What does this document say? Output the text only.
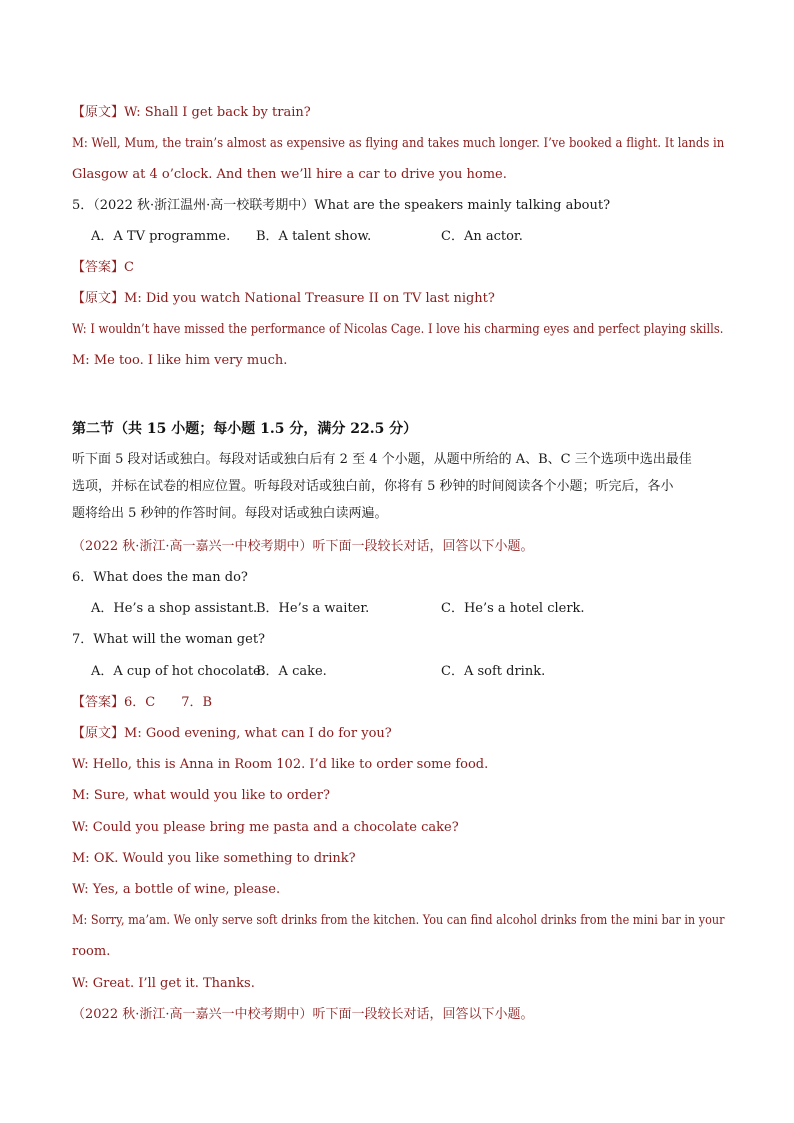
【原文】W: Shall I get back by train?
M: Well, Mum, the train’s almost as expensive as flying and takes much longer. I’ve booked a flight. It lands in
Glasgow at 4 o’clock. And then we’ll hire a car to drive you home.
5．（2022 秋·浙江温州·高一校联考期中）What are the speakers mainly talking about?
A．A TV programme. B．A talent show.	C．An actor.
【答案】C
【原文】M: Did you watch National Treasure II on TV last night?
W: I wouldn’t have missed the performance of Nicolas Cage. I love his charming eyes and perfect playing skills.
M: Me too. I like him very much.
第二节（共 15 小题；每小题 1.5 分，满分 22.5 分）
听下面 5 段对话或独白。每段对话或独白后有 2 至 4 个小题，从题中所给的 A、B、C 三个选项中选出最佳
选项，并标在试卷的相应位置。听每段对话或独白前，你将有 5 秒钟的时间阅读各个小题；听完后，各小
题将给出 5 秒钟的作答时间。每段对话或独白读两遍。
（2022 秋·浙江·高一嘉兴一中校考期中）听下面一段较长对话，回答以下小题。
6．What does the man do?
A．He’s a shop assistant.
B．He’s a waiter.	C．He’s a hotel clerk.
7．What will the woman get?
A．A cup of hot chocolate.
B．A cake.	C．A soft drink.
【答案】6．C　　7．B
【原文】M: Good evening, what can I do for you?
W: Hello, this is Anna in Room 102. I’d like to order some food.
M: Sure, what would you like to order?
W: Could you please bring me pasta and a chocolate cake?
M: OK. Would you like something to drink?
W: Yes, a bottle of wine, please.
M: Sorry, ma’am. We only serve soft drinks from the kitchen. You can find alcohol drinks from the mini bar in your
room.
W: Great. I’ll get it. Thanks.
（2022 秋·浙江·高一嘉兴一中校考期中）听下面一段较长对话，回答以下小题。
